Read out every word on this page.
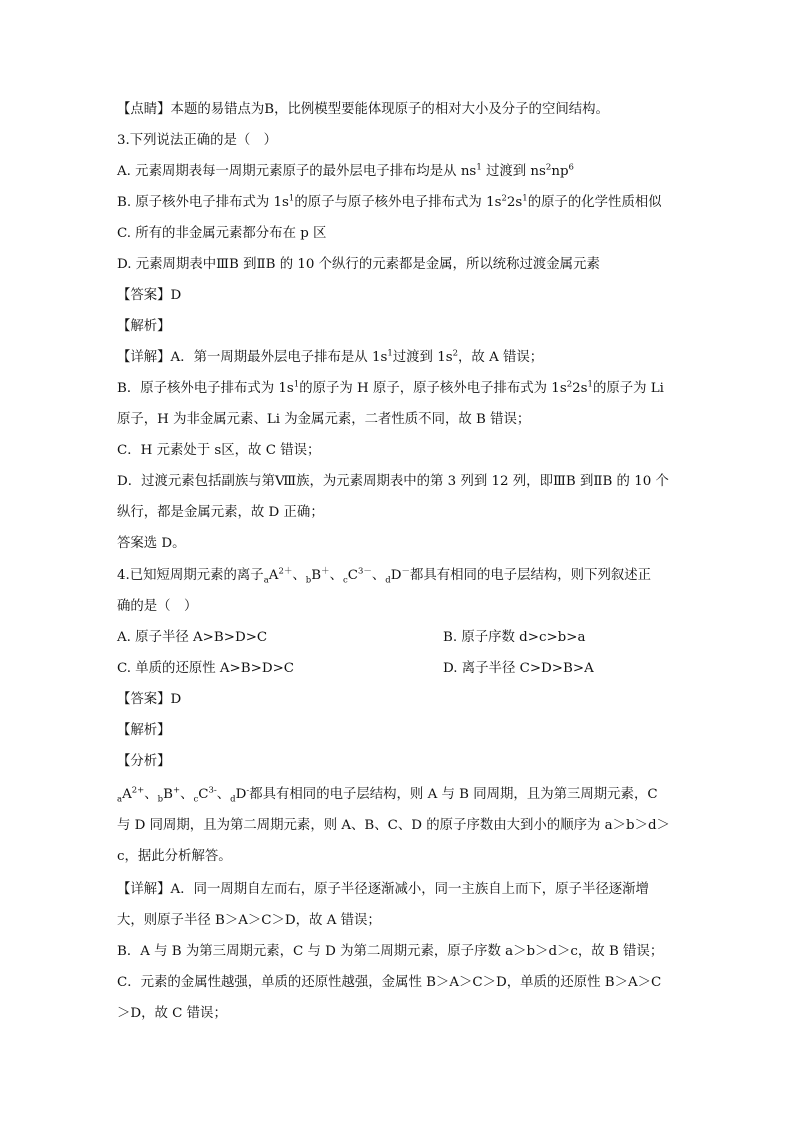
【点睛】本题的易错点为B，比例模型要能体现原子的相对大小及分子的空间结构。
3.下列说法正确的是（　）
A. 元素周期表每一周期元素原子的最外层电子排布均是从 $ns^1$ 过渡到 $ns^2np^6$
B. 原子核外电子排布式为 $1s^1$的原子与原子核外电子排布式为 $1s^22s^1$的原子的化学性质相似
C. 所有的非金属元素都分布在 p 区
D. 元素周期表中ⅢB 到ⅡB 的 10 个纵行的元素都是金属，所以统称过渡金属元素
【答案】D
【解析】
【详解】A．第一周期最外层电子排布是从 $1s^1$过渡到 $1s^2$，故 A 错误；
B．原子核外电子排布式为 $1s^1$的原子为 H 原子，原子核外电子排布式为 $1s^22s^1$的原子为 Li
原子，H 为非金属元素、Li 为金属元素，二者性质不同，故 B 错误；
C．H 元素处于 s区，故 C 错误；
D．过渡元素包括副族与第Ⅷ族，为元素周期表中的第 3 列到 12 列，即ⅢB 到ⅡB 的 10 个
纵行，都是金属元素，故 D 正确；
答案选 D。
4.已知短周期元素的离子$_aA^{2+}$、$_b$B＋、$_cC^{3-}$、$_d$D－都具有相同的电子层结构，则下列叙述正
确的是（　）
A. 原子半径 A>B>D>C	B. 原子序数 d>c>b>a
C. 单质的还原性 A>B>D>C	D. 离子半径 C>D>B>A
【答案】D
【解析】
【分析】
$_aA^{2+}$、$_b$B+、$_cC^{3-}$、$_d$D-都具有相同的电子层结构，则 A 与 B 同周期，且为第三周期元素，C
与 D 同周期，且为第二周期元素，则 A、B、C、D 的原子序数由大到小的顺序为 a＞b＞d＞
c，据此分析解答。
【详解】A．同一周期自左而右，原子半径逐渐减小，同一主族自上而下，原子半径逐渐增
大，则原子半径 B＞A＞C＞D，故 A 错误；
B．A 与 B 为第三周期元素，C 与 D 为第二周期元素，原子序数 a＞b＞d＞c，故 B 错误；
C．元素的金属性越强，单质的还原性越强，金属性 B＞A＞C＞D，单质的还原性 B＞A＞C
＞D，故 C 错误；
